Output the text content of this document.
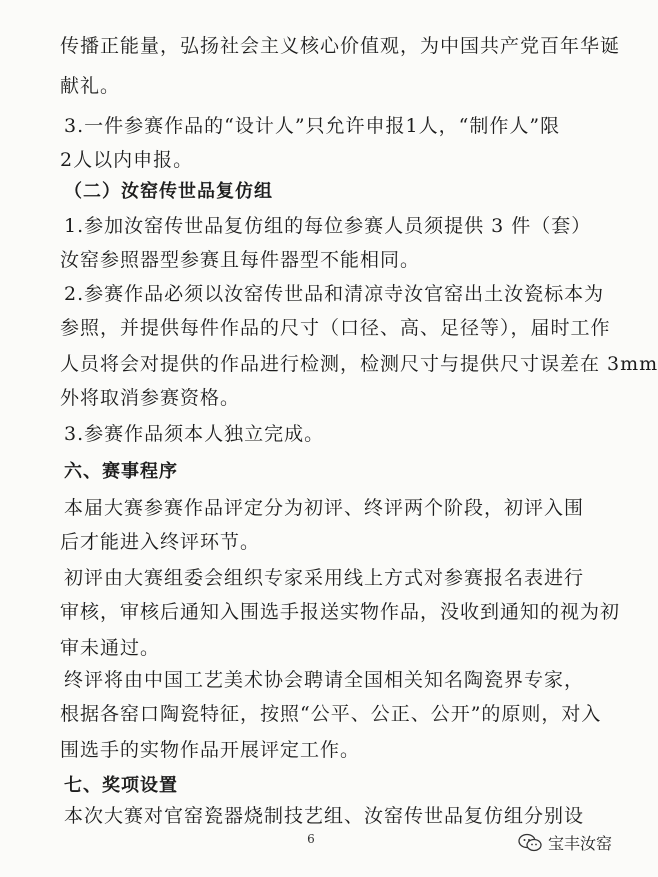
传播正能量，弘扬社会主义核心价值观，为中国共产党百年华诞
献礼。
3.一件参赛作品的“设计人”只允许申报1人，“制作人”限
2人以内申报。
（二）汝窑传世品复仿组
1.参加汝窑传世品复仿组的每位参赛人员须提供 3 件（套）
汝窑参照器型参赛且每件器型不能相同。
2.参赛作品必须以汝窑传世品和清凉寺汝官窑出土汝瓷标本为
参照，并提供每件作品的尺寸（口径、高、足径等），届时工作
人员将会对提供的作品进行检测，检测尺寸与提供尺寸误差在 3mm
外将取消参赛资格。
3.参赛作品须本人独立完成。
六、赛事程序
本届大赛参赛作品评定分为初评、终评两个阶段，初评入围
后才能进入终评环节。
初评由大赛组委会组织专家采用线上方式对参赛报名表进行
审核，审核后通知入围选手报送实物作品，没收到通知的视为初
审未通过。
终评将由中国工艺美术协会聘请全国相关知名陶瓷界专家，
根据各窑口陶瓷特征，按照“公平、公正、公开”的原则，对入
围选手的实物作品开展评定工作。
七、奖项设置
本次大赛对官窑瓷器烧制技艺组、汝窑传世品复仿组分别设
6	宝丰汝窑
